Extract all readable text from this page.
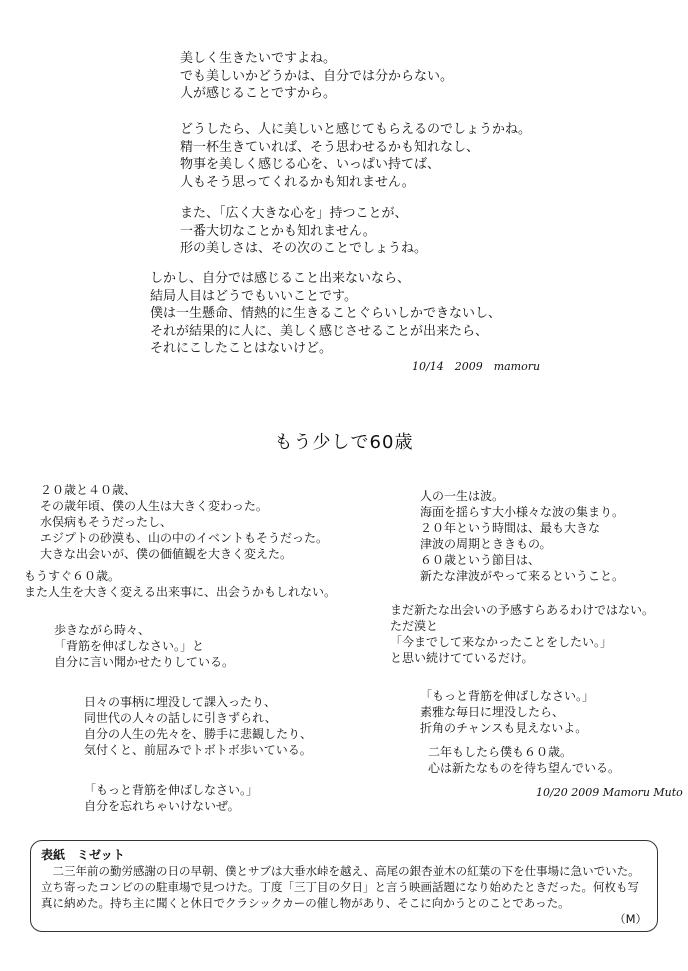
美しく生きたいですよね。
でも美しいかどうかは、自分では分からない。
人が感じることですから。
どうしたら、人に美しいと感じてもらえるのでしょうかね。
精一杯生きていれば、そう思わせるかも知れなし、
物事を美しく感じる心を、いっぱい持てば、
人もそう思ってくれるかも知れません。
また、「広く大きな心を」持つことが、
一番大切なことかも知れません。
形の美しさは、その次のことでしょうね。
しかし、自分では感じること出来ないなら、
結局人目はどうでもいいことです。
僕は一生懸命、情熱的に生きることぐらいしかできないし、
それが結果的に人に、美しく感じさせることが出来たら、
それにこしたことはないけど。
10/14　2009　mamoru
もう少しで60歳
２０歳と４０歳、
その歳年頃、僕の人生は大きく変わった。
水俣病もそうだったし、
エジプトの砂漠も、山の中のイベントもそうだった。
大きな出会いが、僕の価値観を大きく変えた。
もうすぐ６０歳。
また人生を大きく変える出来事に、出会うかもしれない。
歩きながら時々、
「背筋を伸ばしなさい。」と
自分に言い聞かせたりしている。
日々の事柄に埋没して課入ったり、
同世代の人々の話しに引きずられ、
自分の人生の先々を、勝手に悲観したり、
気付くと、前屈みでトボトボ歩いている。
「もっと背筋を伸ばしなさい。」
自分を忘れちゃいけないぜ。
人の一生は波。
海面を揺らす大小様々な波の集まり。
２０年という時間は、最も大きな
津波の周期とききもの。
６０歳という節目は、
新たな津波がやって来るということ。
まだ新たな出会いの予感すらあるわけではない。
ただ漠と
「今までして来なかったことをしたい。」
と思い続けてているだけ。
「もっと背筋を伸ばしなさい。」
素雅な毎日に埋没したら、
折角のチャンスも見えないよ。
二年もしたら僕も６０歳。
心は新たなものを待ち望んでいる。
10/20 2009 Mamoru Muto
表紙　ミゼット
二三年前の勤労感謝の日の早朝、僕とサブは大垂水峠を越え、高尾の銀杏並木の紅葉の下を仕事場に急いでいた。立ち寄ったコンビのの駐車場で見つけた。丁度「三丁目の夕日」と言う映画話題になり始めたときだった。何枚も写真に納めた。持ち主に聞くと休日でクラシックカーの催し物があり、そこに向かうとのことであった。
（M）
